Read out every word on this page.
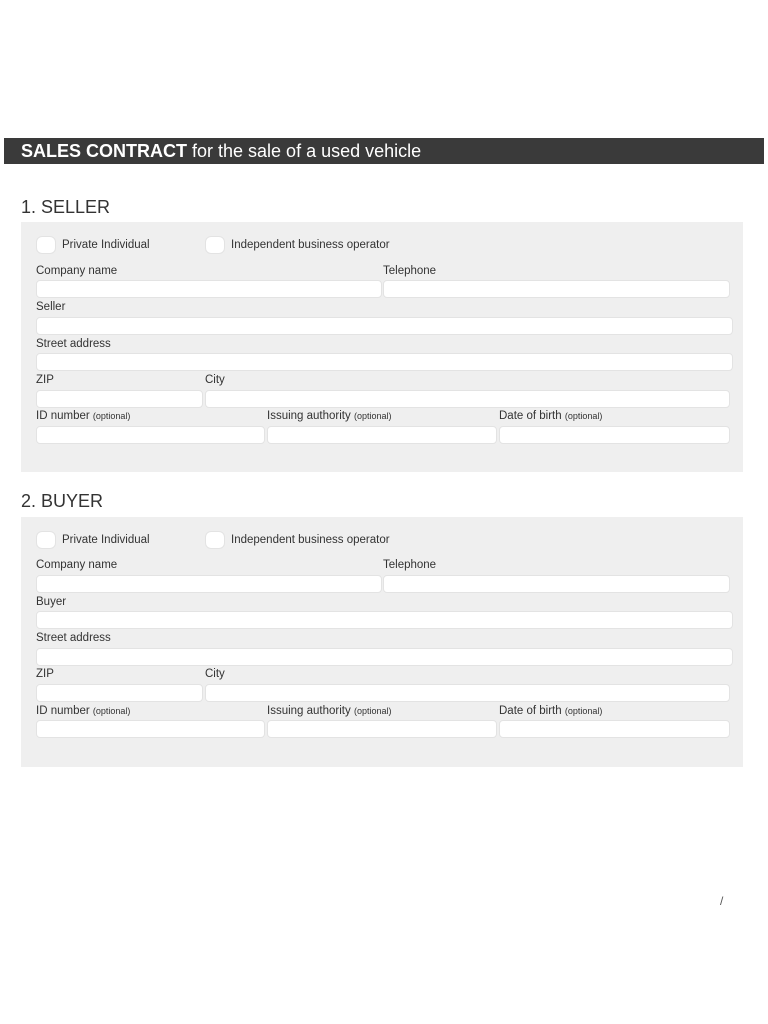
SALES CONTRACT for the sale of a used vehicle
1. SELLER
Private Individual	Independent business operator
Company name	Telephone
Seller
Street address
ZIP	City
ID number (optional)	Issuing authority (optional)	Date of birth (optional)
2. BUYER
Private Individual	Independent business operator
Company name	Telephone
Buyer
Street address
ZIP	City
ID number (optional)	Issuing authority (optional)	Date of birth (optional)
/
